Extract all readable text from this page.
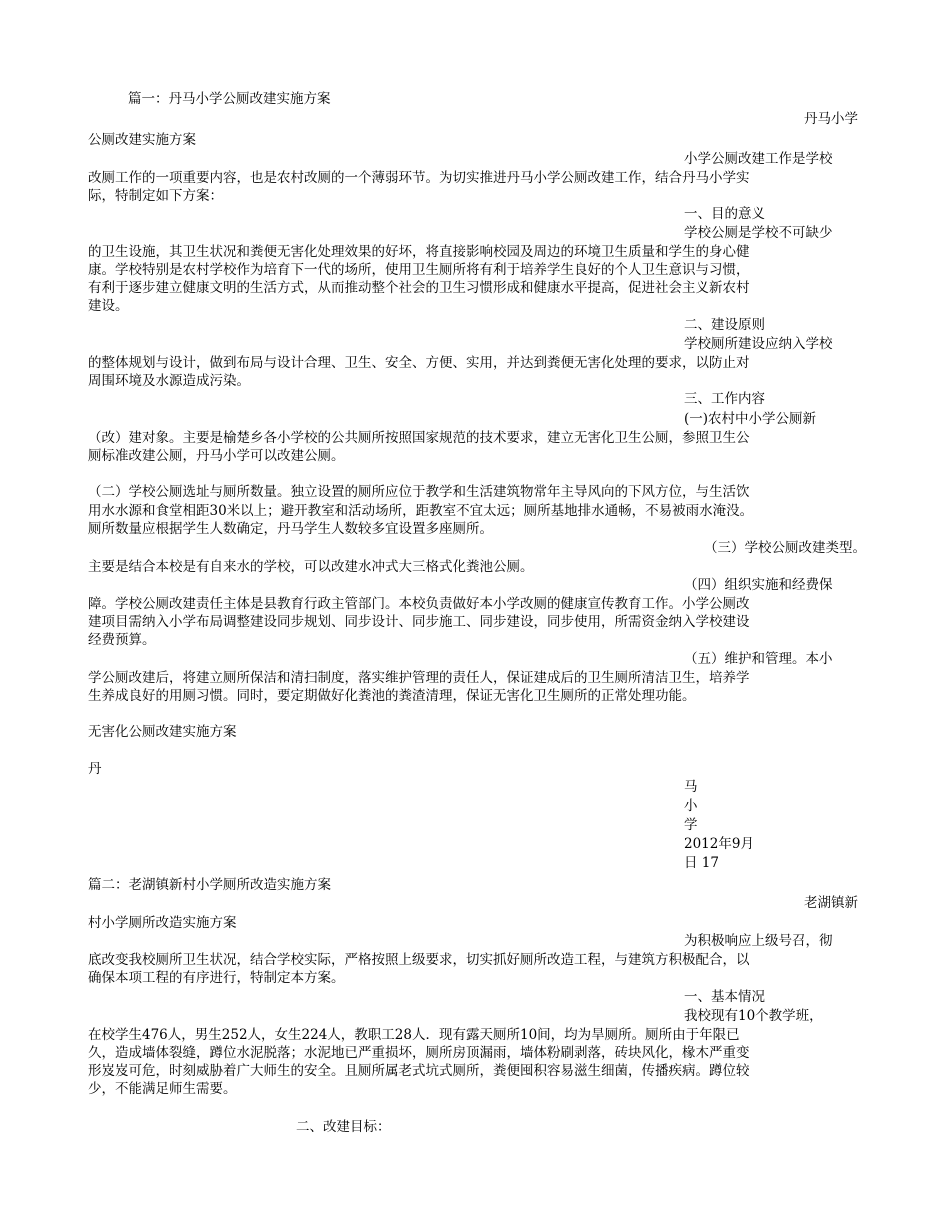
篇一：丹马小学公厕改建实施方案
丹马小学
公厕改建实施方案
小学公厕改建工作是学校
改厕工作的一项重要内容，也是农村改厕的一个薄弱环节。为切实推进丹马小学公厕改建工作，结合丹马小学实
际，特制定如下方案：
一、目的意义
学校公厕是学校不可缺少
的卫生设施，其卫生状况和粪便无害化处理效果的好坏，将直接影响校园及周边的环境卫生质量和学生的身心健
康。学校特别是农村学校作为培育下一代的场所，使用卫生厕所将有利于培养学生良好的个人卫生意识与习惯，
有利于逐步建立健康文明的生活方式，从而推动整个社会的卫生习惯形成和健康水平提高，促进社会主义新农村
建设。
二、建设原则
学校厕所建设应纳入学校
的整体规划与设计，做到布局与设计合理、卫生、安全、方便、实用，并达到粪便无害化处理的要求，以防止对
周围环境及水源造成污染。
三、工作内容
(一)农村中小学公厕新
（改）建对象。主要是榆楚乡各小学校的公共厕所按照国家规范的技术要求，建立无害化卫生公厕，参照卫生公
厕标准改建公厕，丹马小学可以改建公厕。
（二）学校公厕选址与厕所数量。独立设置的厕所应位于教学和生活建筑物常年主导风向的下风方位，与生活饮
用水水源和食堂相距30米以上；避开教室和活动场所，距教室不宜太远；厕所基地排水通畅，不易被雨水淹没。
厕所数量应根据学生人数确定，丹马学生人数较多宜设置多座厕所。
（三）学校公厕改建类型。
主要是结合本校是有自来水的学校，可以改建水冲式大三格式化粪池公厕。
（四）组织实施和经费保
障。学校公厕改建责任主体是县教育行政主管部门。本校负责做好本小学改厕的健康宣传教育工作。小学公厕改
建项目需纳入小学布局调整建设同步规划、同步设计、同步施工、同步建设，同步使用，所需资金纳入学校建设
经费预算。
（五）维护和管理。本小
学公厕改建后，将建立厕所保洁和清扫制度，落实维护管理的责任人，保证建成后的卫生厕所清洁卫生，培养学
生养成良好的用厕习惯。同时，要定期做好化粪池的粪渣清理，保证无害化卫生厕所的正常处理功能。
无害化公厕改建实施方案
丹
马
小
学
2012年9月
日 17
篇二：老湖镇新村小学厕所改造实施方案
老湖镇新
村小学厕所改造实施方案
为积极响应上级号召，彻
底改变我校厕所卫生状况，结合学校实际，严格按照上级要求，切实抓好厕所改造工程，与建筑方积极配合，以
确保本项工程的有序进行，特制定本方案。
一、基本情况
我校现有10个教学班，
在校学生476人，男生252人，女生224人，教职工28人．现有露天厕所10间，均为旱厕所。厕所由于年限已
久，造成墙体裂缝，蹲位水泥脱落；水泥地已严重损坏，厕所房顶漏雨，墙体粉刷剥落，砖块风化，椽木严重变
形岌岌可危，时刻威胁着广大师生的安全。且厕所属老式坑式厕所，粪便囤积容易滋生细菌，传播疾病。蹲位较
少，不能满足师生需要。
二、改建目标：
